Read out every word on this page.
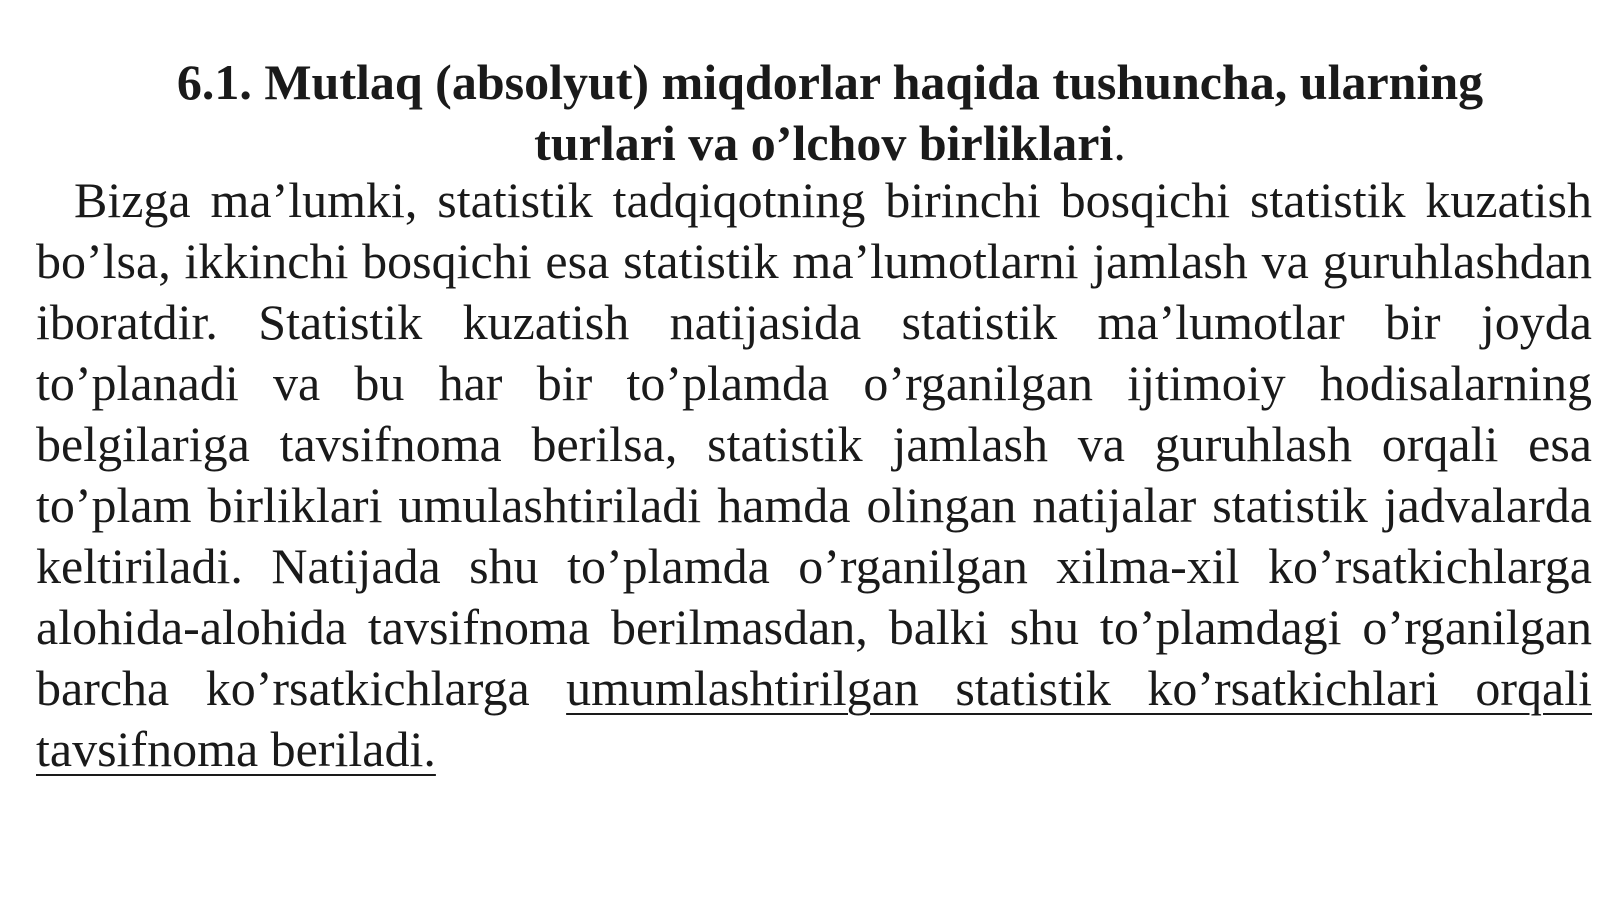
6.1. Mutlaq (absolyut) miqdorlar haqida tushuncha, ularning turlari va o’lchov birliklari.

Bizga ma’lumki, statistik tadqiqotning birinchi bosqichi statistik kuzatish bo’lsa, ikkinchi bosqichi esa statistik ma’lumotlarni jamlash va guruhlashdan iboratdir. Statistik kuzatish natijasida statistik ma’lumotlar bir joyda to’planadi va bu har bir to’plamda o’rganilgan ijtimoiy hodisalarning belgilariga tavsifnoma berilsa, statistik jamlash va guruhlash orqali esa to’plam birliklari umulashtiriladi hamda olingan natijalar statistik jadvalarda keltiriladi. Natijada shu to’plamda o’rganilgan xilma-xil ko’rsatkichlarga alohida-alohida tavsifnoma berilmasdan, balki shu to’plamdagi o’rganilgan barcha ko’rsatkichlarga umumlashtirilgan statistik ko’rsatkichlari orqali tavsifnoma beriladi.
